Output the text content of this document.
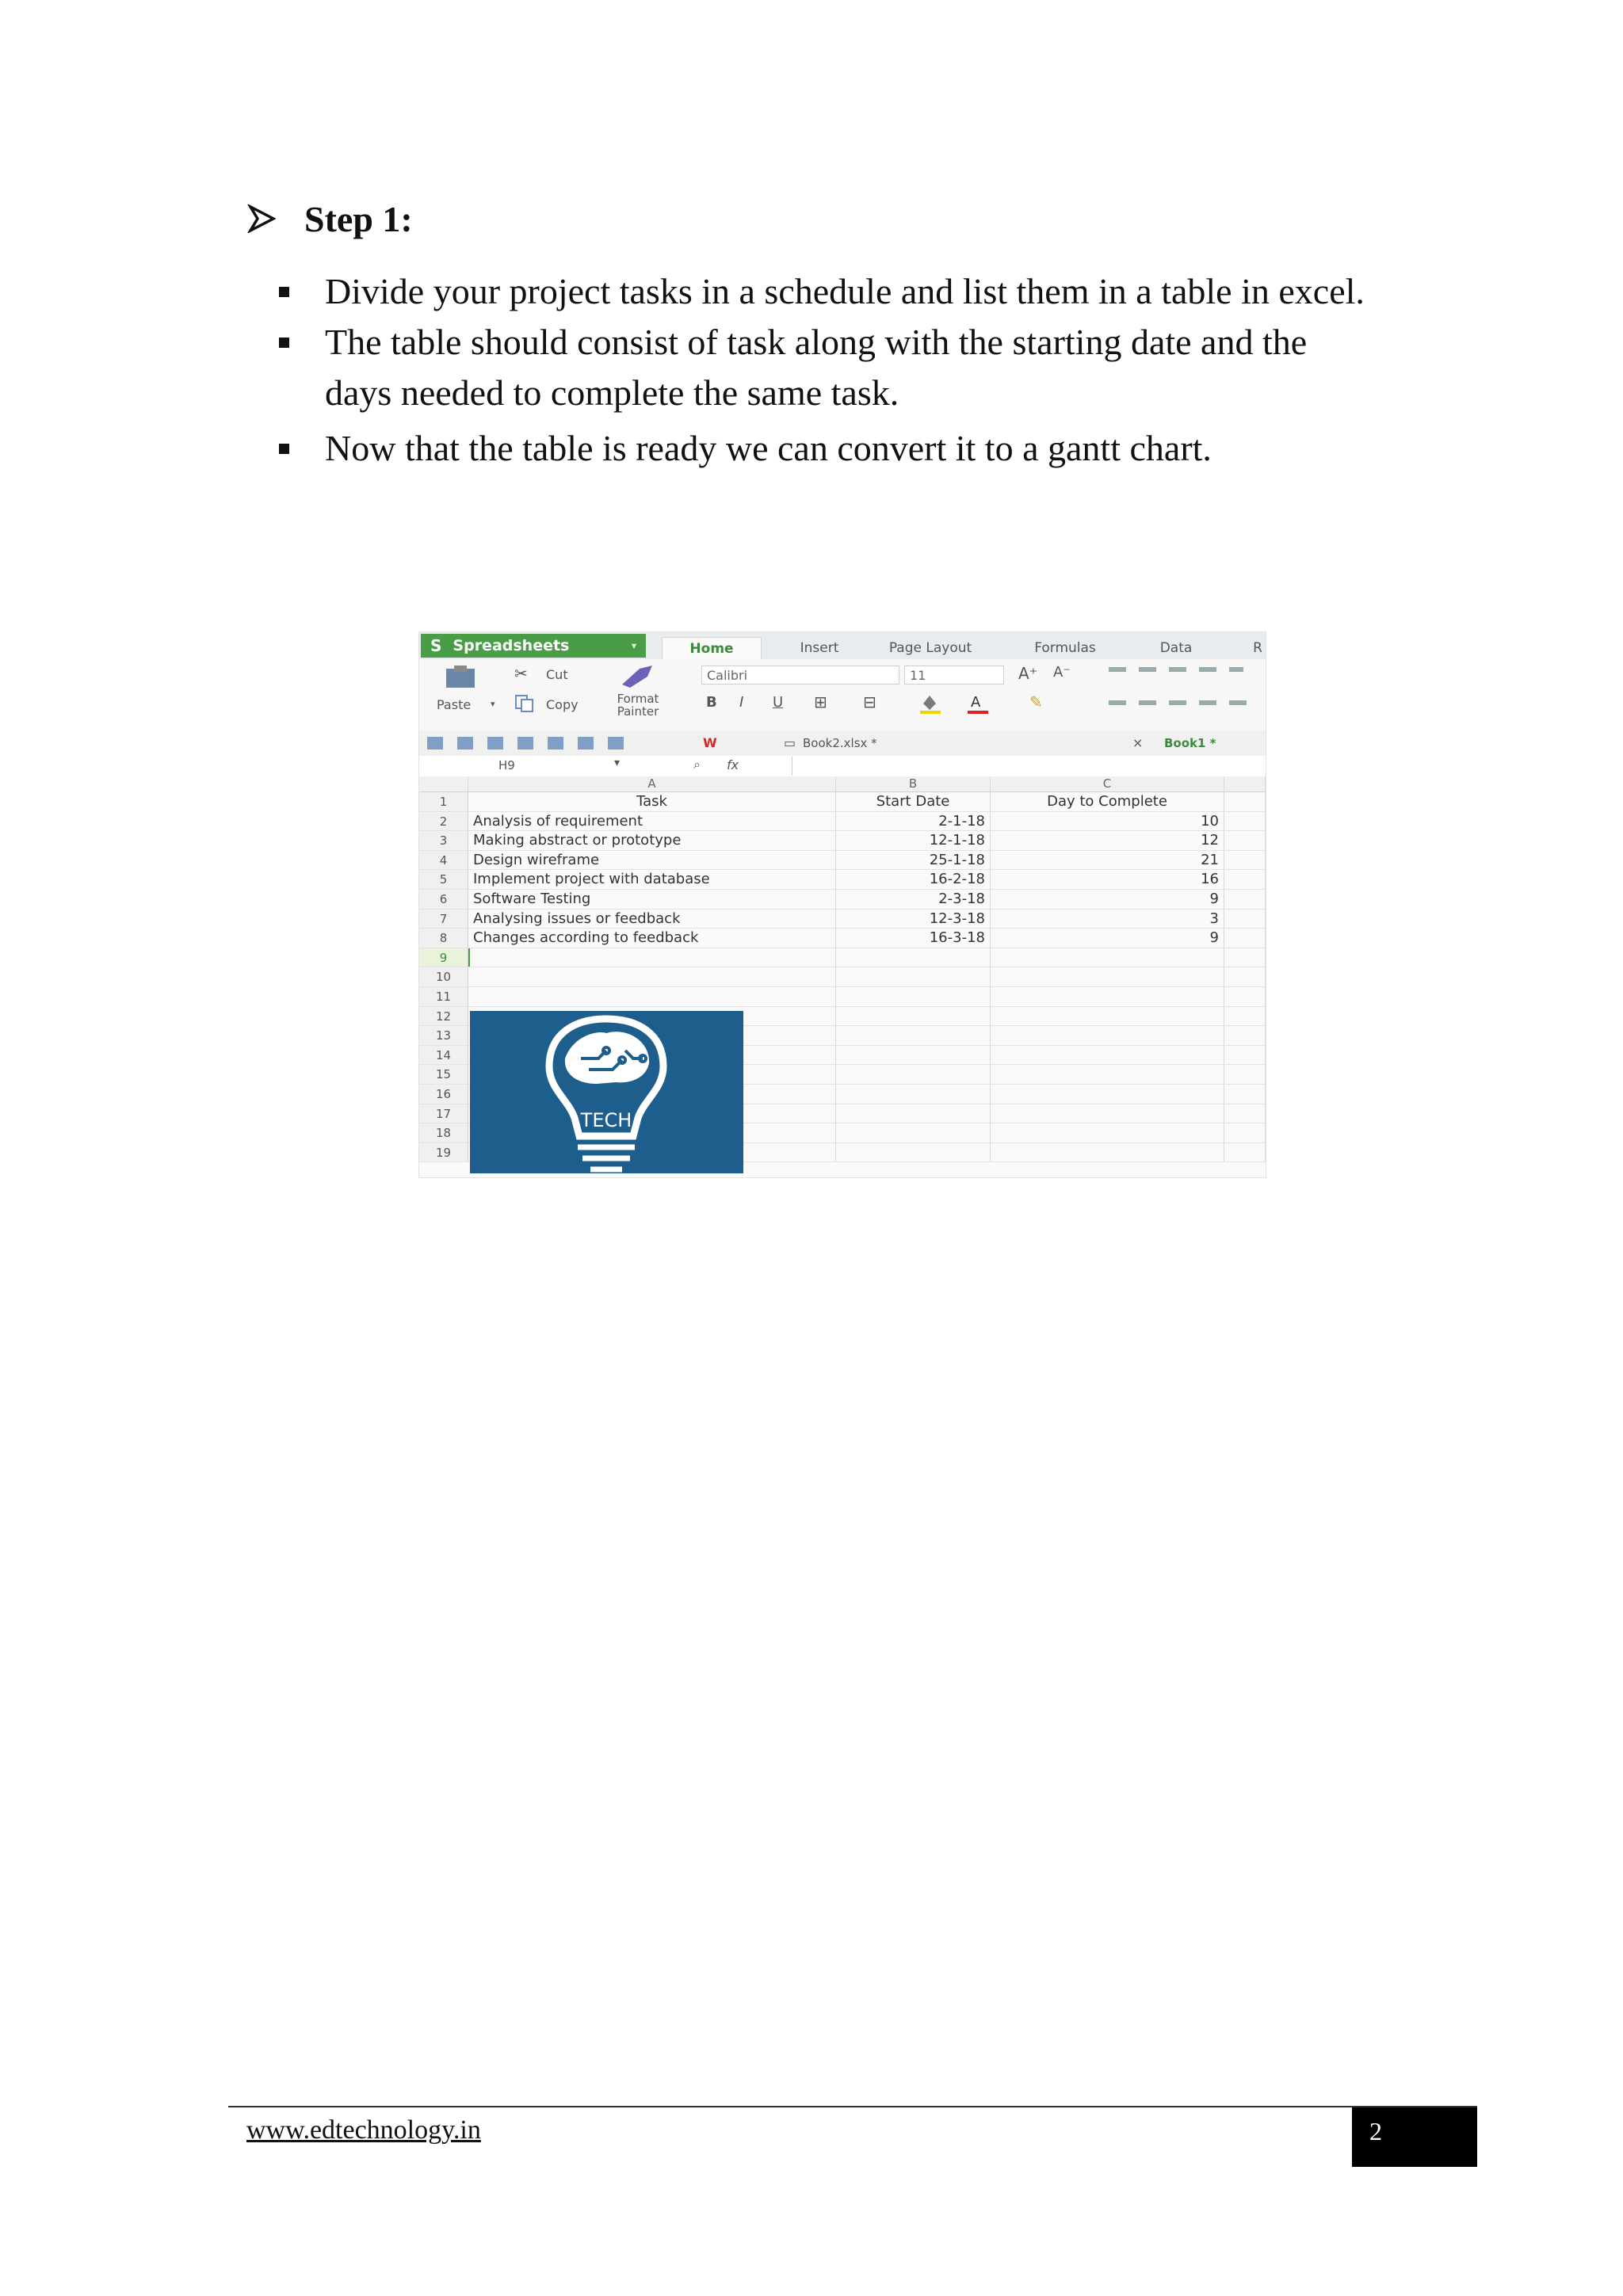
Step 1:
Divide your project tasks in a schedule and list them in a table in excel.
The table should consist of task along with the starting date and the days needed to complete the same task.
Now that the table is ready we can convert it to a gantt chart.
S Spreadsheets	▾	Home	Insert	Page Layout	Formulas	Data	R
Paste ▾
✂ Cut
Copy	Format Painter
Calibri	11	A⁺ A⁻
B I U ⊞ ⊟	A	✎
W	▭ Book2.xlsx *	× Book1 *
H9	▾	⌕ fx
A	B	C
1	Task	Start Date	Day to Complete
2	Analysis of requirement	2-1-18	10
3	Making abstract or prototype	12-1-18	12
4	Design wireframe	25-1-18	21
5	Implement project with database	16-2-18	16
6	Software Testing	2-3-18	9
7	Analysing issues or feedback	12-3-18	3
8	Changes according to feedback	16-3-18	9
9
10
11
12
13
14
15
16
17
18
19
TECH
www.edtechnology.in	2
